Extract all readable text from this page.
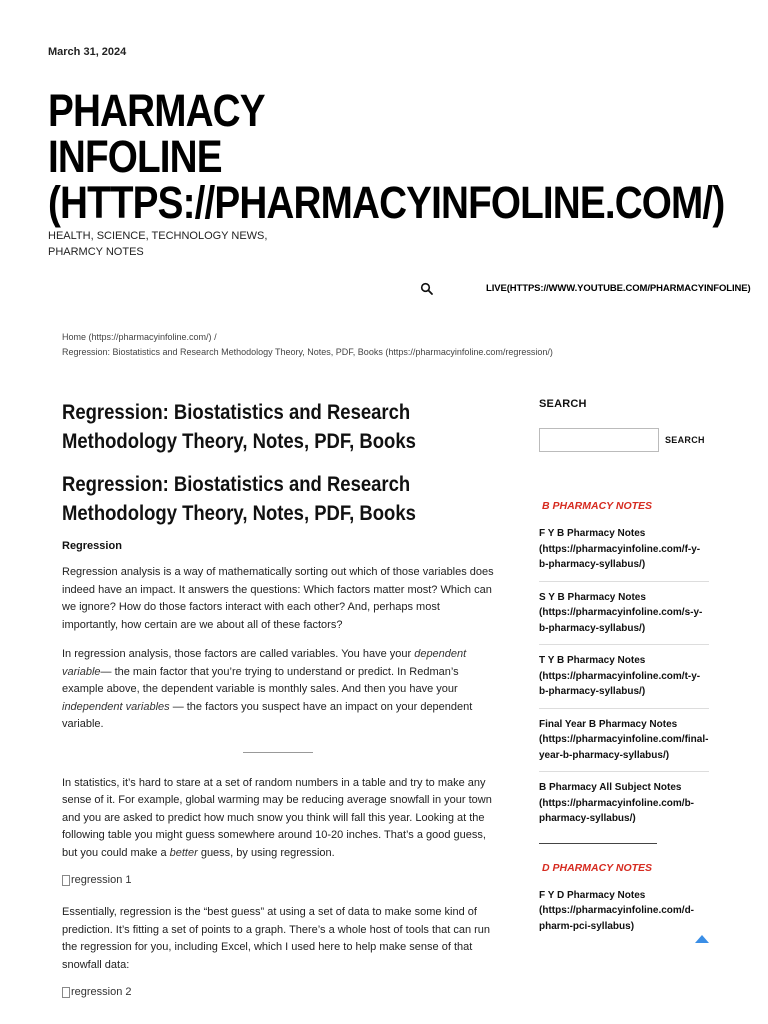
March 31, 2024
PHARMACY
INFOLINE
(HTTPS://PHARMACYINFOLINE.COM/)
HEALTH, SCIENCE, TECHNOLOGY NEWS,
PHARMCY NOTES
LIVE(HTTPS://WWW.YOUTUBE.COM/PHARMACYINFOLINE)
Home (https://pharmacyinfoline.com/) /
Regression: Biostatistics and Research Methodology Theory, Notes, PDF, Books (https://pharmacyinfoline.com/regression/)
Regression: Biostatistics and Research Methodology Theory, Notes, PDF, Books
Regression: Biostatistics and Research Methodology Theory, Notes, PDF, Books
Regression

Regression analysis is a way of mathematically sorting out which of those variables does indeed have an impact. It answers the questions: Which factors matter most? Which can we ignore? How do those factors interact with each other? And, perhaps most importantly, how certain are we about all of these factors?

In regression analysis, those factors are called variables. You have your dependent variable— the main factor that you’re trying to understand or predict. In Redman’s example above, the dependent variable is monthly sales. And then you have your independent variables — the factors you suspect have an impact on your dependent variable.

In statistics, it’s hard to stare at a set of random numbers in a table and try to make any sense of it. For example, global warming may be reducing average snowfall in your town and you are asked to predict how much snow you think will fall this year. Looking at the following table you might guess somewhere around 10-20 inches. That’s a good guess, but you could make a better guess, by using regression.

regression 1

Essentially, regression is the “best guess” at using a set of data to make some kind of prediction. It’s fitting a set of points to a graph. There’s a whole host of tools that can run the regression for you, including Excel, which I used here to help make sense of that snowfall data:

regression 2
SEARCH
SEARCH
B PHARMACY NOTES
F Y B Pharmacy Notes (https://pharmacyinfoline.com/f-y-b-pharmacy-syllabus/)
S Y B Pharmacy Notes (https://pharmacyinfoline.com/s-y-b-pharmacy-syllabus/)
T Y B Pharmacy Notes (https://pharmacyinfoline.com/t-y-b-pharmacy-syllabus/)
Final Year B Pharmacy Notes (https://pharmacyinfoline.com/final-year-b-pharmacy-syllabus/)
B Pharmacy All Subject Notes (https://pharmacyinfoline.com/b-pharmacy-syllabus/)
D PHARMACY NOTES
F Y D Pharmacy Notes (https://pharmacyinfoline.com/d-pharm-pci-syllabus)
